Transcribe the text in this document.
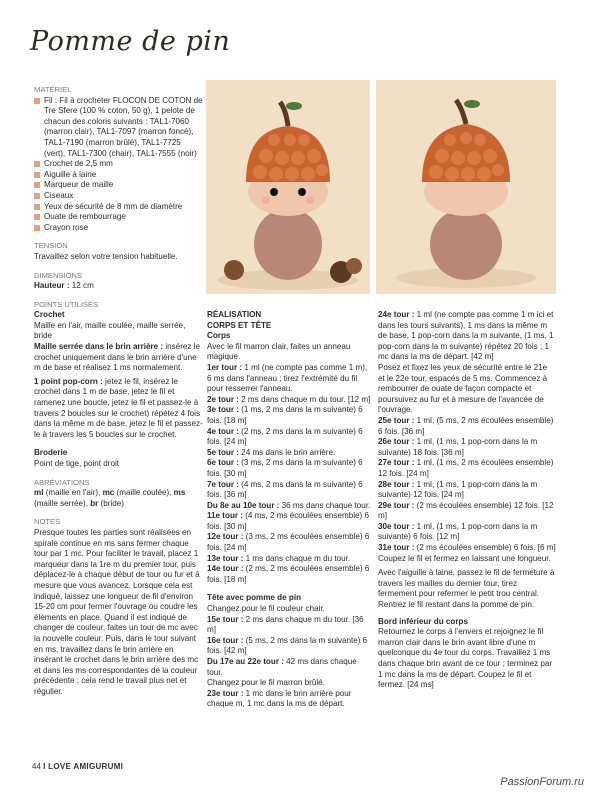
Pomme de pin
MATÉRIEL
Fil : Fil à crocheter FLOCON DE COTON de Tre Sfere (100 % coton, 50 g), 1 pelote de chacun des coloris suivants : TAL1-7060 (marron clair), TAL1-7097 (marron foncé), TAL1-7190 (marron brûlé), TAL1-7725 (vert), TAL1-7300 (chair), TAL1-7555 (noir)
Crochet de 2,5 mm
Aiguille à laine
Marqueur de maille
Ciseaux
Yeux de sécurité de 8 mm de diamètre
Ouate de rembourrage
Crayon rose
TENSION

Travaillez selon votre tension habituelle.

DIMENSIONS

Hauteur : 12 cm

POINTS UTILISÉS

Crochet

Maille en l'air, maille coulée, maille serrée, bride

Maille serrée dans le brin arrière : insérez le crochet uniquement dans le brin arrière d'une m de base et réalisez 1 ms normalement.

1 point pop-corn : jetez le fil, insérez le crochet dans 1 m de base, jetez le fil et ramenez une boucle, jetez le fil et passez-le à travers 2 boucles sur le crochet) répétez 4 fois dans la même m de base, jetez le fil et passez-le à travers les 5 boucles sur le crochet.

Broderie

Point de tige, point droit

ABRÉVIATIONS

ml (maille en l'air), mc (maille coulée), ms (maille serrée), br (bride)

NOTES

Presque toutes les parties sont réalisées en spirale continue en ms sans fermer chaque tour par 1 mc. Pour faciliter le travail, placez 1 marqueur dans la 1re m du premier tour, puis déplacez-le à chaque début de tour ou fur et à mesure que vous avancez. Lorsque cela est indiqué, laissez une longueur de fil d'environ 15-20 cm pour fermer l'ouvrage ou coudre les éléments en place. Quand il est indiqué de changer de couleur, faites un tour de mc avec la nouvelle couleur. Puis, dans le tour suivant en ms, travaillez dans le brin arrière en insérant le crochet dans le brin arrière des mc et dans les ms correspondantes de la couleur précédente ; cela rend le travail plus net et régulier.

RÉALISATION

CORPS ET TÊTE

Corps

Avec le fil marron clair, faites un anneau magique.

1er tour : 1 ml (ne compte pas comme 1 m), 6 ms dans l'anneau ; tirez l'extrémité du fil pour resserrer l'anneau.

2e tour : 2 ms dans chaque m du tour. [12 m]

3e tour : (1 ms, 2 ms dans la m suivante) 6 fois. [18 m]

4e tour : (2 ms, 2 ms dans la m suivante) 6 fois. [24 m]

5e tour : 24 ms dans le brin arrière.

6e tour : (3 ms, 2 ms dans la m suivante) 6 fois. [30 m]

7e tour : (4 ms, 2 ms dans la m suivante) 6 fois. [36 m]

Du 8e au 10e tour : 36 ms dans chaque tour.

11e tour : (4 ms, 2 ms écoulées ensemble) 6 fois. [30 m]

12e tour : (3 ms, 2 ms écoulées ensemble) 6 fois. [24 m]

13e tour : 1 ms dans chaque m du tour.

14e tour : (2 ms, 2 ms écoulées ensemble) 6 fois. [18 m]

Tête avec pomme de pin

Changez pour le fil couleur chair.

15e tour : 2 ms dans chaque m du tour. [36 m]

16e tour : (5 ms, 2 ms dans la m suivante) 6 fois. [42 m]

Du 17e au 22e tour : 42 ms dans chaque tour.

Changez pour le fil marron brûlé.

23e tour : 1 mc dans le brin arrière pour chaque m, 1 mc dans la ms de départ.

24e tour : 1 ml (ne compte pas comme 1 m ici et dans les tours suivants), 1 ms dans la même m de base, 1 pop-corn dans la m suivante, (1 ms, 1 pop-corn dans la m suivante) répétez 20 fois ; 1 mc dans la ms de départ. [42 m]

Posez et fixez les yeux de sécurité entre le 21e et le 22e tour, espacés de 5 ms. Commencez à rembourrer de ouate de façon compacte et poursuivez au fur et à mesure de l'avancée de l'ouvrage.

25e tour : 1 ml, (5 ms, 2 ms écoulées ensemble) 6 fois. [36 m]

26e tour : 1 ml, (1 ms, 1 pop-corn dans la m suivante) 18 fois. [36 m]

27e tour : 1 ml, (1 ms, 2 ms écoulées ensemble) 12 fois. [24 m]

28e tour : 1 ml, (1 ms, 1 pop-corn dans la m suivante) 12 fois. [24 m]

29e tour : (2 ms écoulées ensemble) 12 fois. [12 m]

30e tour : 1 ml, (1 ms, 1 pop-corn dans la m suivante) 6 fois. [12 m]

31e tour : (2 ms écoulées ensemble) 6 fois. [6 m]

Coupez le fil et fermez en laissant une longueur.

Avec l'aiguille à laine, passez le fil de fermeture à travers les mailles du dernier tour, tirez fermement pour refermer le petit trou central. Rentrez le fil restant dans la pomme de pin.

Bord inférieur du corps

Retournez le corps à l'envers et rejoignez le fil marron clair dans le brin avant libre d'une m quelconque du 4e tour du corps. Travaillez 1 ms dans chaque brin avant de ce tour ; terminez par 1 mc dans la ms de départ. Coupez le fil et fermez. [24 ms]

44 I LOVE AMIGURUMI
PassionForum.ru
